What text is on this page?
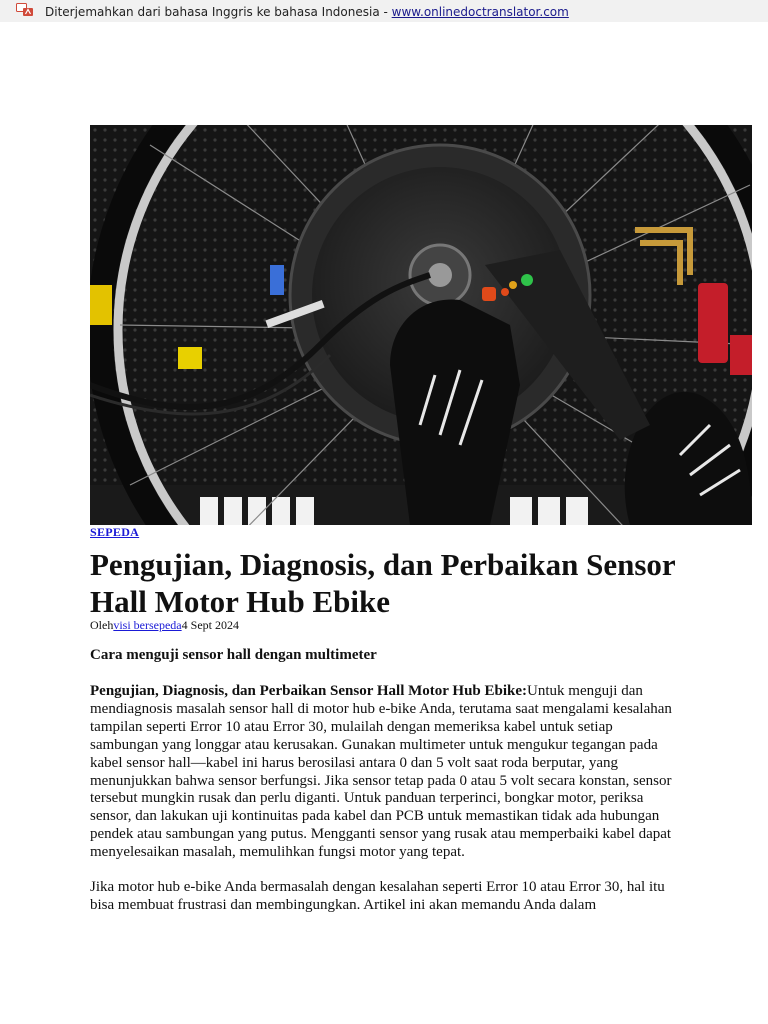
Diterjemahkan dari bahasa Inggris ke bahasa Indonesia - www.onlinedoctranslator.com
SEPEDA
Pengujian, Diagnosis, dan Perbaikan Sensor Hall Motor Hub Ebike
Olehvisi bersepeda4 Sept 2024
Cara menguji sensor hall dengan multimeter

Pengujian, Diagnosis, dan Perbaikan Sensor Hall Motor Hub Ebike:Untuk menguji dan mendiagnosis masalah sensor hall di motor hub e-bike Anda, terutama saat mengalami kesalahan tampilan seperti Error 10 atau Error 30, mulailah dengan memeriksa kabel untuk setiap sambungan yang longgar atau kerusakan. Gunakan multimeter untuk mengukur tegangan pada kabel sensor hall—kabel ini harus berosilasi antara 0 dan 5 volt saat roda berputar, yang menunjukkan bahwa sensor berfungsi. Jika sensor tetap pada 0 atau 5 volt secara konstan, sensor tersebut mungkin rusak dan perlu diganti. Untuk panduan terperinci, bongkar motor, periksa sensor, dan lakukan uji kontinuitas pada kabel dan PCB untuk memastikan tidak ada hubungan pendek atau sambungan yang putus. Mengganti sensor yang rusak atau memperbaiki kabel dapat menyelesaikan masalah, memulihkan fungsi motor yang tepat.

Jika motor hub e-bike Anda bermasalah dengan kesalahan seperti Error 10 atau Error 30, hal itu bisa membuat frustrasi dan membingungkan. Artikel ini akan memandu Anda dalam
